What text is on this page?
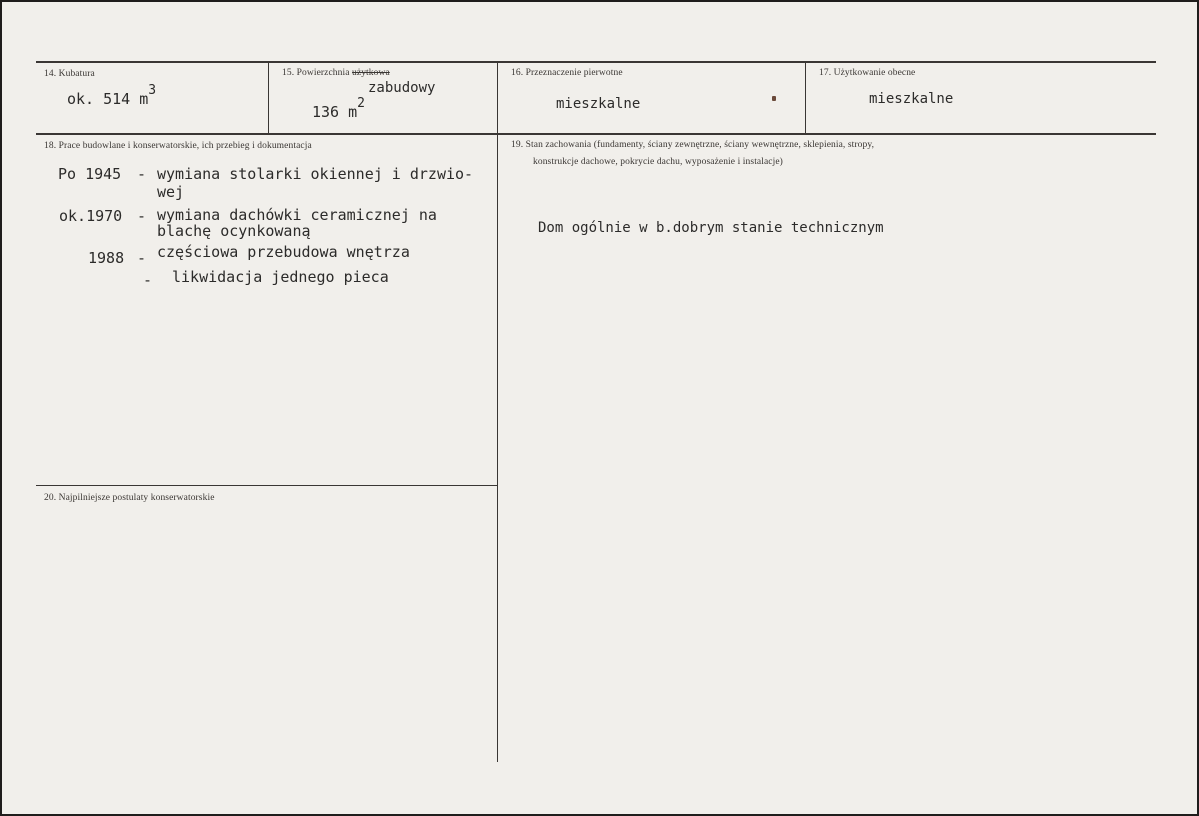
14. Kubatura
ok. 514 m3
15. Powierzchnia użytkowa
zabudowy
136 m2
16. Przeznaczenie pierwotne
mieszkalne
17. Użytkowanie obecne
mieszkalne
18. Prace budowlane i konserwatorskie, ich przebieg i dokumentacja
Po 1945 - wymiana stolarki okiennej i drzwio-
wej
ok.1970 - wymiana dachówki ceramicznej na
blachę ocynkowaną
1988 - częściowa przebudowa wnętrza
- likwidacja jednego pieca
19. Stan zachowania (fundamenty, ściany zewnętrzne, ściany wewnętrzne, sklepienia, stropy,
konstrukcje dachowe, pokrycie dachu, wyposażenie i instalacje)
Dom ogólnie w b.dobrym stanie technicznym
20. Najpilniejsze postulaty konserwatorskie
